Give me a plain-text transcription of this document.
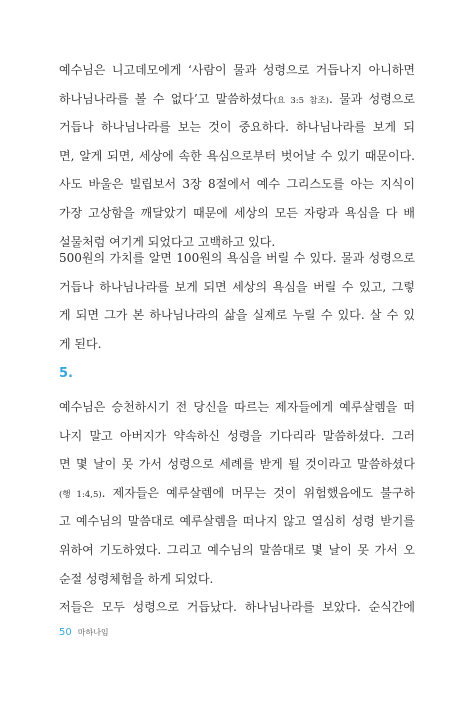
예수님은 니고데모에게 ‘사람이 물과 성령으로 거듭나지 아니하면
하나님나라를 볼 수 없다’고 말씀하셨다(요 3:5 참조). 물과 성령으로
거듭나 하나님나라를 보는 것이 중요하다. 하나님나라를 보게 되
면, 알게 되면, 세상에 속한 욕심으로부터 벗어날 수 있기 때문이다.
사도 바울은 빌립보서 3장 8절에서 예수 그리스도를 아는 지식이
가장 고상함을 깨달았기 때문에 세상의 모든 자랑과 욕심을 다 배
설물처럼 여기게 되었다고 고백하고 있다.
500원의 가치를 알면 100원의 욕심을 버릴 수 있다. 물과 성령으로
거듭나 하나님나라를 보게 되면 세상의 욕심을 버릴 수 있고, 그렇
게 되면 그가 본 하나님나라의 삶을 실제로 누릴 수 있다. 살 수 있
게 된다.
5.
예수님은 승천하시기 전 당신을 따르는 제자들에게 예루살렘을 떠
나지 말고 아버지가 약속하신 성령을 기다리라 말씀하셨다. 그러
면 몇 날이 못 가서 성령으로 세례를 받게 될 것이라고 말씀하셨다
(행 1:4,5). 제자들은 예루살렘에 머무는 것이 위험했음에도 불구하
고 예수님의 말씀대로 예루살렘을 떠나지 않고 열심히 성령 받기를
위하여 기도하였다. 그리고 예수님의 말씀대로 몇 날이 못 가서 오
순절 성령체험을 하게 되었다.
저들은 모두 성령으로 거듭났다. 하나님나라를 보았다. 순식간에
50 마하나임
